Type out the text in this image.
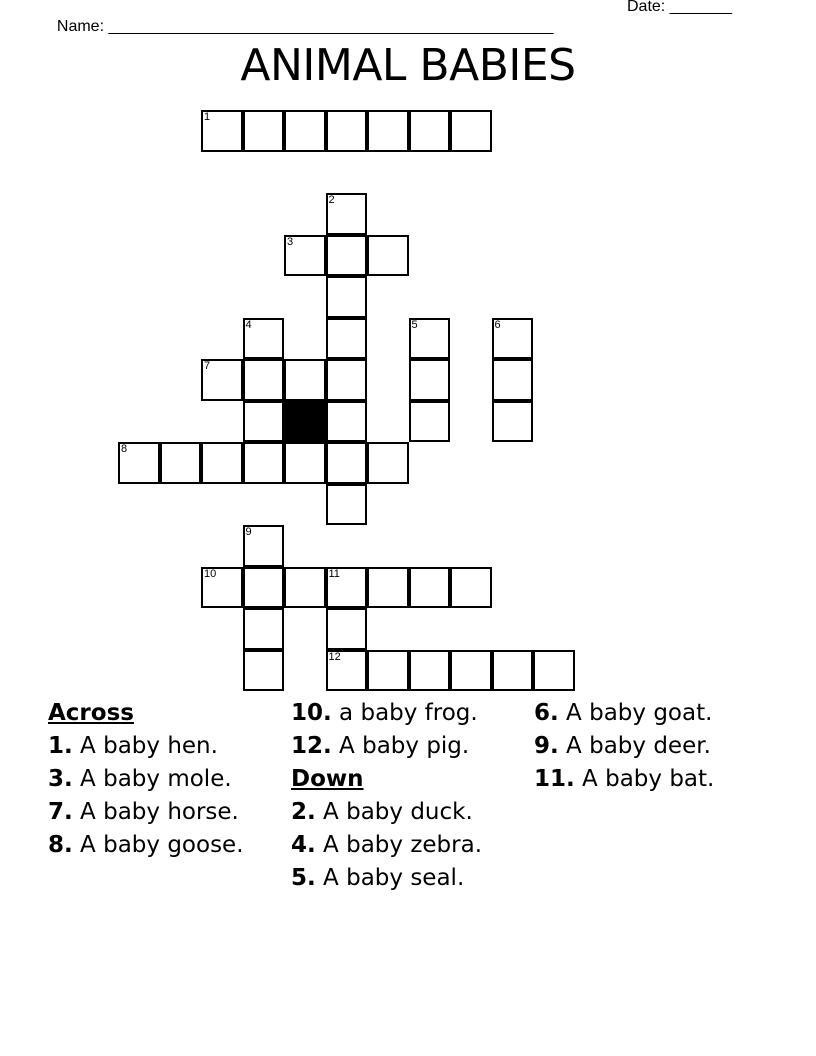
Name: __________________________________________________

Date: _______

ANIMAL BABIES
1
2
3
4	5	6
7
8
9
10	11
12
Across
1. A baby hen.
3. A baby mole.
7. A baby horse.
8. A baby goose.
10. a baby frog.
12. A baby pig.
Down
2. A baby duck.
4. A baby zebra.
5. A baby seal.
6. A baby goat.
9. A baby deer.
11. A baby bat.
